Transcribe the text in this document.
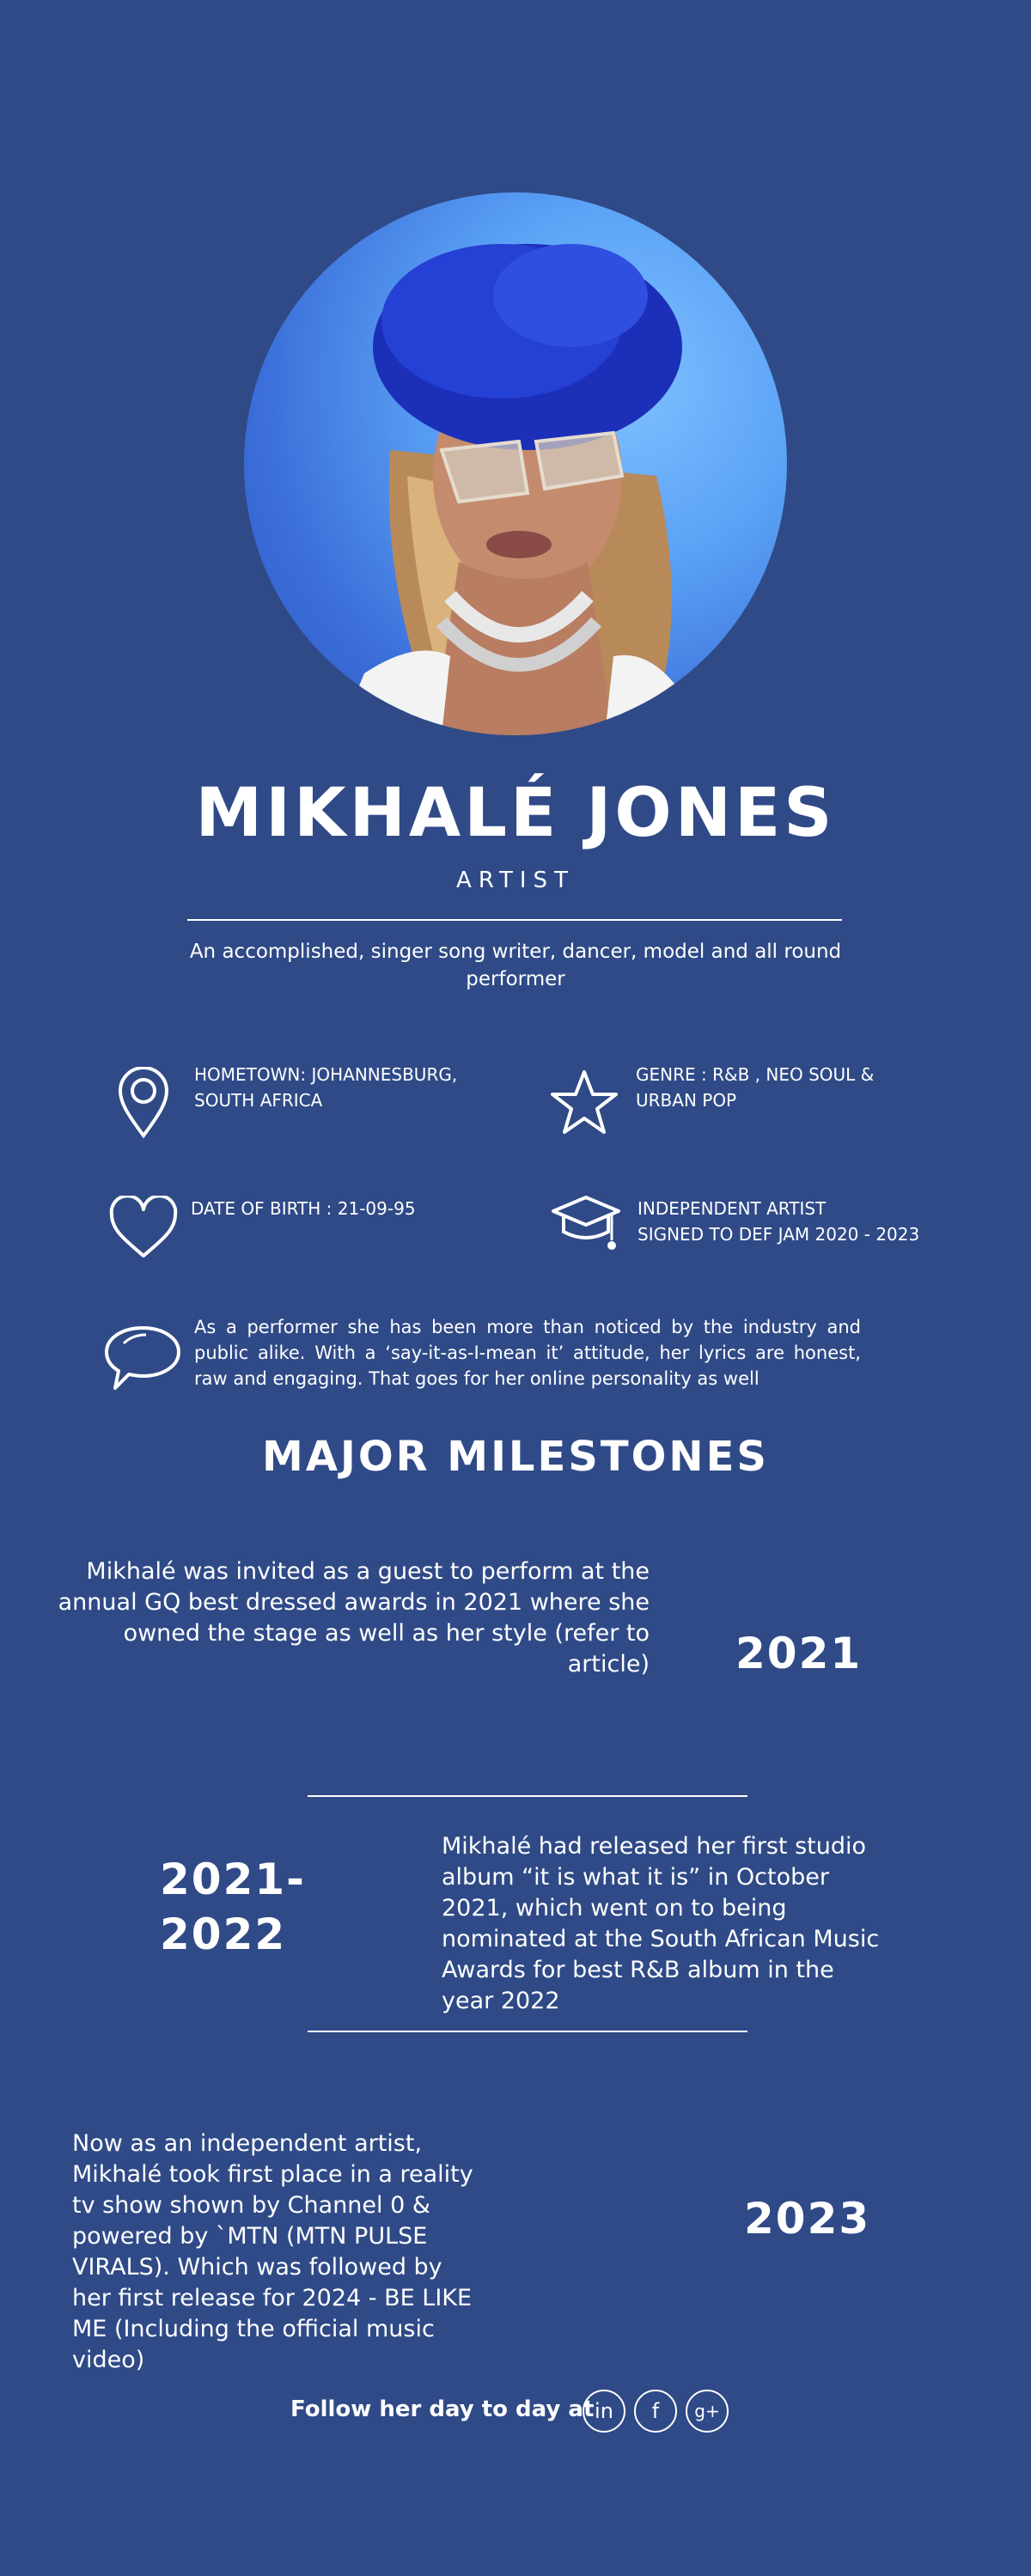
MIKHALÉ JONES
ARTIST
An accomplished, singer song writer, dancer, model and all round performer
HOMETOWN: JOHANNESBURG,
SOUTH AFRICA
GENRE : R&B , NEO SOUL &
URBAN POP
DATE OF BIRTH : 21-09-95	INDEPENDENT ARTIST
SIGNED TO DEF JAM 2020 - 2023
As a performer she has been more than noticed by the industry and public alike. With a ‘say-it-as-I-mean it’ attitude, her lyrics are honest, raw and engaging. That goes for her online personality as well
MAJOR MILESTONES
Mikhalé was invited as a guest to perform at the annual GQ best dressed awards in 2021 where she owned the stage as well as her style (refer to article) 2021
2021-
2022
Mikhalé had released her first studio album “it is what it is” in October 2021, which went on to being nominated at the South African Music Awards for best R&B album in the year 2022
Now as an independent artist, Mikhalé took first place in a reality tv show shown by Channel 0 & powered by `MTN (MTN PULSE VIRALS). Which was followed by her first release for 2024 - BE LIKE ME (Including the official music video)
2023
Follow her day to day at in f g+
